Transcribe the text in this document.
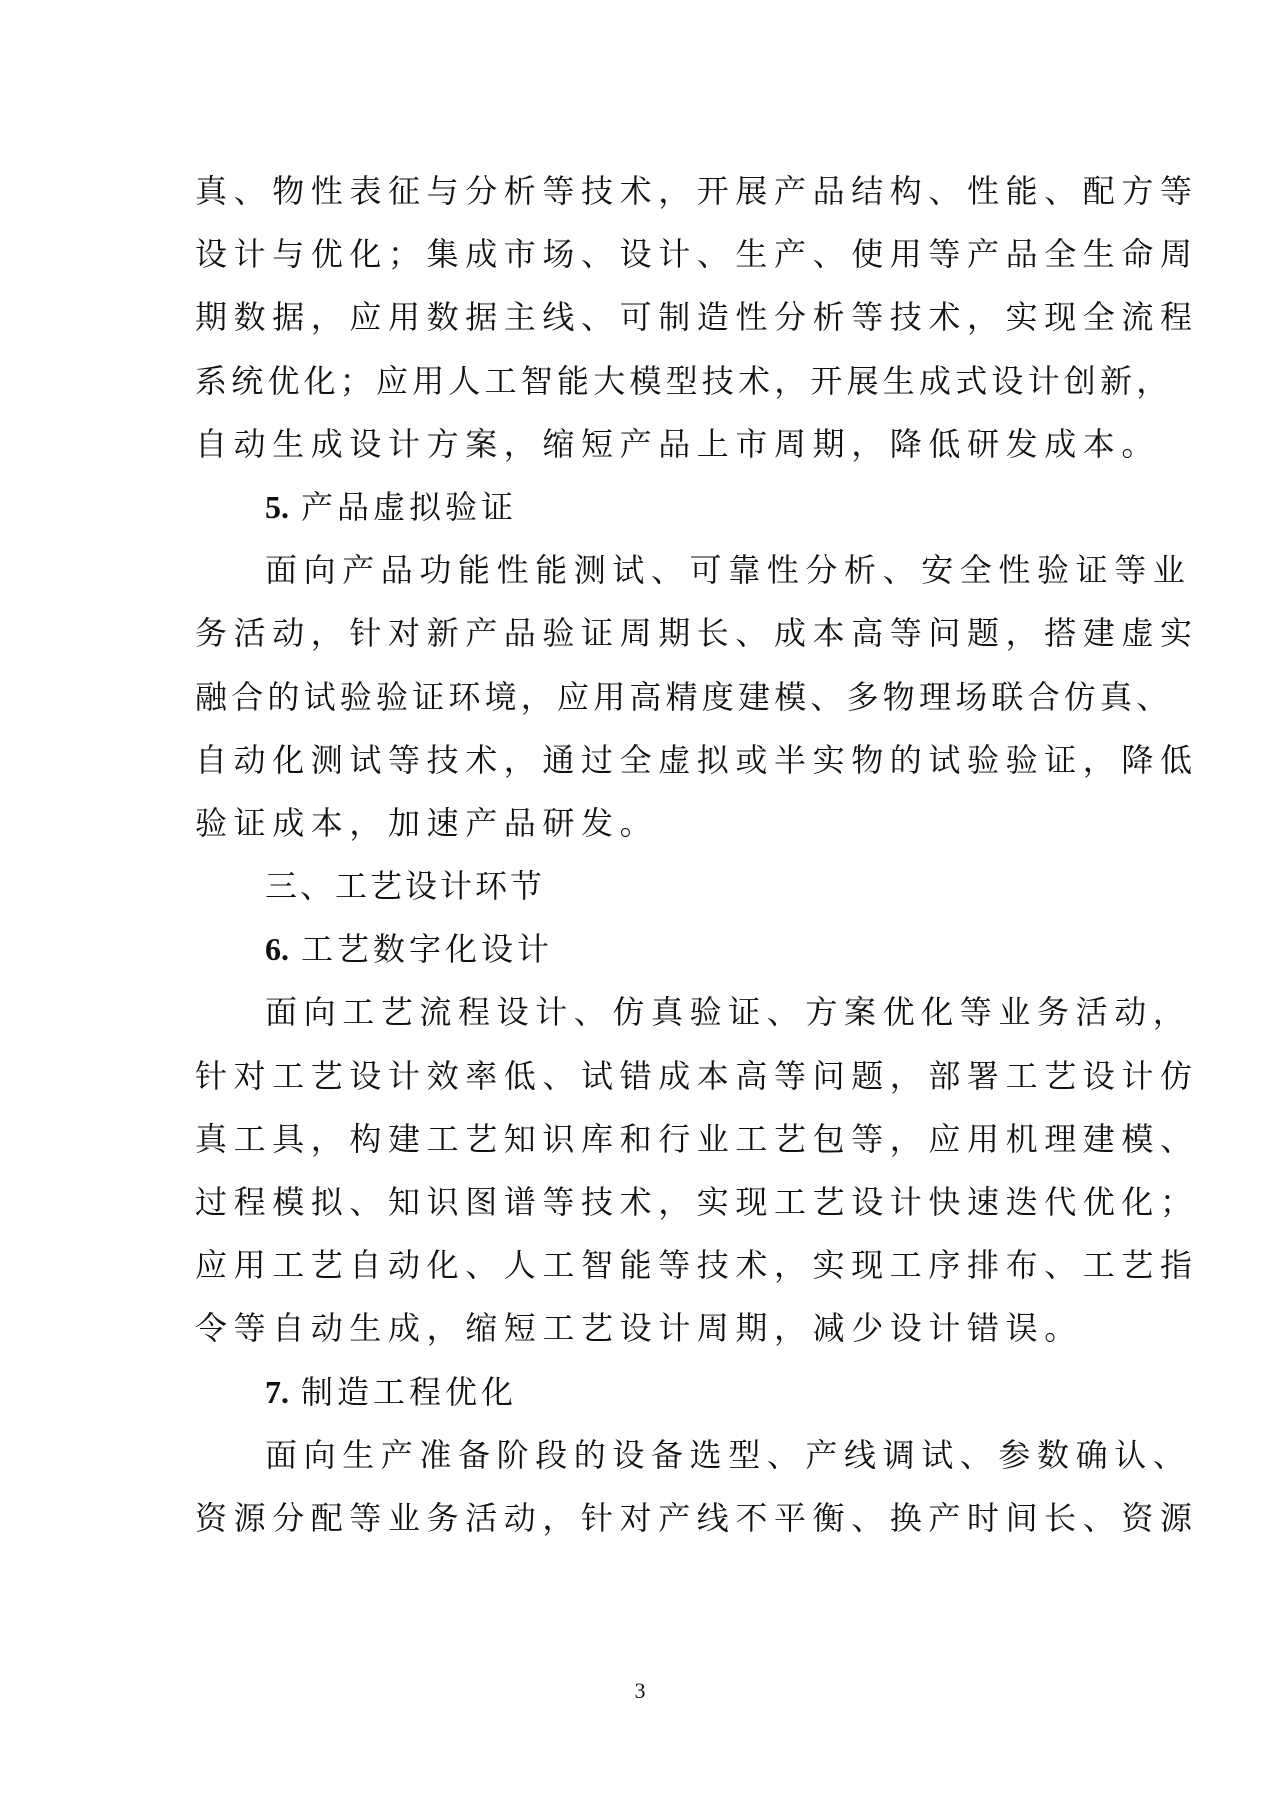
真、物性表征与分析等技术，开展产品结构、性能、配方等
设计与优化；集成市场、设计、生产、使用等产品全生命周
期数据，应用数据主线、可制造性分析等技术，实现全流程
系统优化；应用人工智能大模型技术，开展生成式设计创新，
自动生成设计方案，缩短产品上市周期，降低研发成本。
5. 产品虚拟验证
面向产品功能性能测试、可靠性分析、安全性验证等业
务活动，针对新产品验证周期长、成本高等问题，搭建虚实
融合的试验验证环境，应用高精度建模、多物理场联合仿真、
自动化测试等技术，通过全虚拟或半实物的试验验证，降低
验证成本，加速产品研发。
三、工艺设计环节
6. 工艺数字化设计
面向工艺流程设计、仿真验证、方案优化等业务活动，
针对工艺设计效率低、试错成本高等问题，部署工艺设计仿
真工具，构建工艺知识库和行业工艺包等，应用机理建模、
过程模拟、知识图谱等技术，实现工艺设计快速迭代优化；
应用工艺自动化、人工智能等技术，实现工序排布、工艺指
令等自动生成，缩短工艺设计周期，减少设计错误。
7. 制造工程优化
面向生产准备阶段的设备选型、产线调试、参数确认、
资源分配等业务活动，针对产线不平衡、换产时间长、资源
3
